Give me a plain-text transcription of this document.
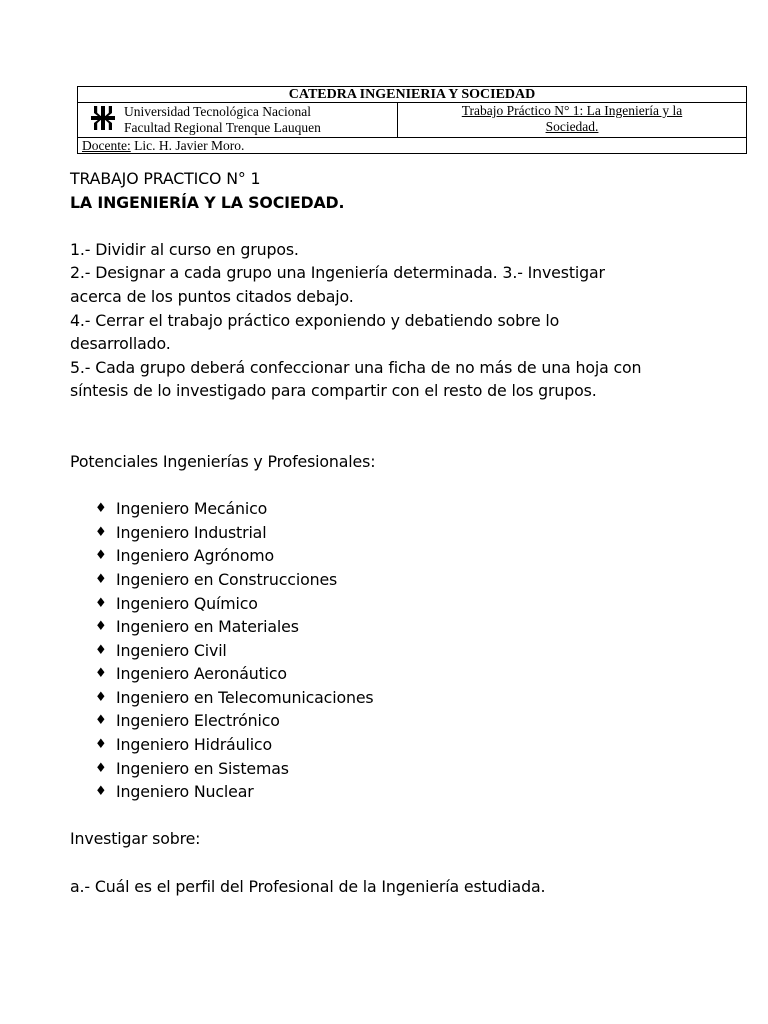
CATEDRA INGENIERIA Y SOCIEDAD

Universidad Tecnológica Nacional
Facultad Regional Trenque Lauquen

Trabajo Práctico N° 1: La Ingeniería y la
Sociedad.

Docente: Lic. H. Javier Moro.

TRABAJO PRACTICO N° 1

LA INGENIERÍA Y LA SOCIEDAD.

1.- Dividir al curso en grupos.

2.- Designar a cada grupo una Ingeniería determinada. 3.- Investigar

acerca de los puntos citados debajo.

4.- Cerrar el trabajo práctico exponiendo y debatiendo sobre lo

desarrollado.

5.- Cada grupo deberá confeccionar una ficha de no más de una hoja con

síntesis de lo investigado para compartir con el resto de los grupos.

Potenciales Ingenierías y Profesionales:

♦ Ingeniero Mecánico
♦ Ingeniero Industrial
♦ Ingeniero Agrónomo
♦ Ingeniero en Construcciones
♦ Ingeniero Químico
♦ Ingeniero en Materiales
♦ Ingeniero Civil
♦ Ingeniero Aeronáutico
♦ Ingeniero en Telecomunicaciones
♦ Ingeniero Electrónico
♦ Ingeniero Hidráulico
♦ Ingeniero en Sistemas
♦ Ingeniero Nuclear

Investigar sobre:

a.- Cuál es el perfil del Profesional de la Ingeniería estudiada.
